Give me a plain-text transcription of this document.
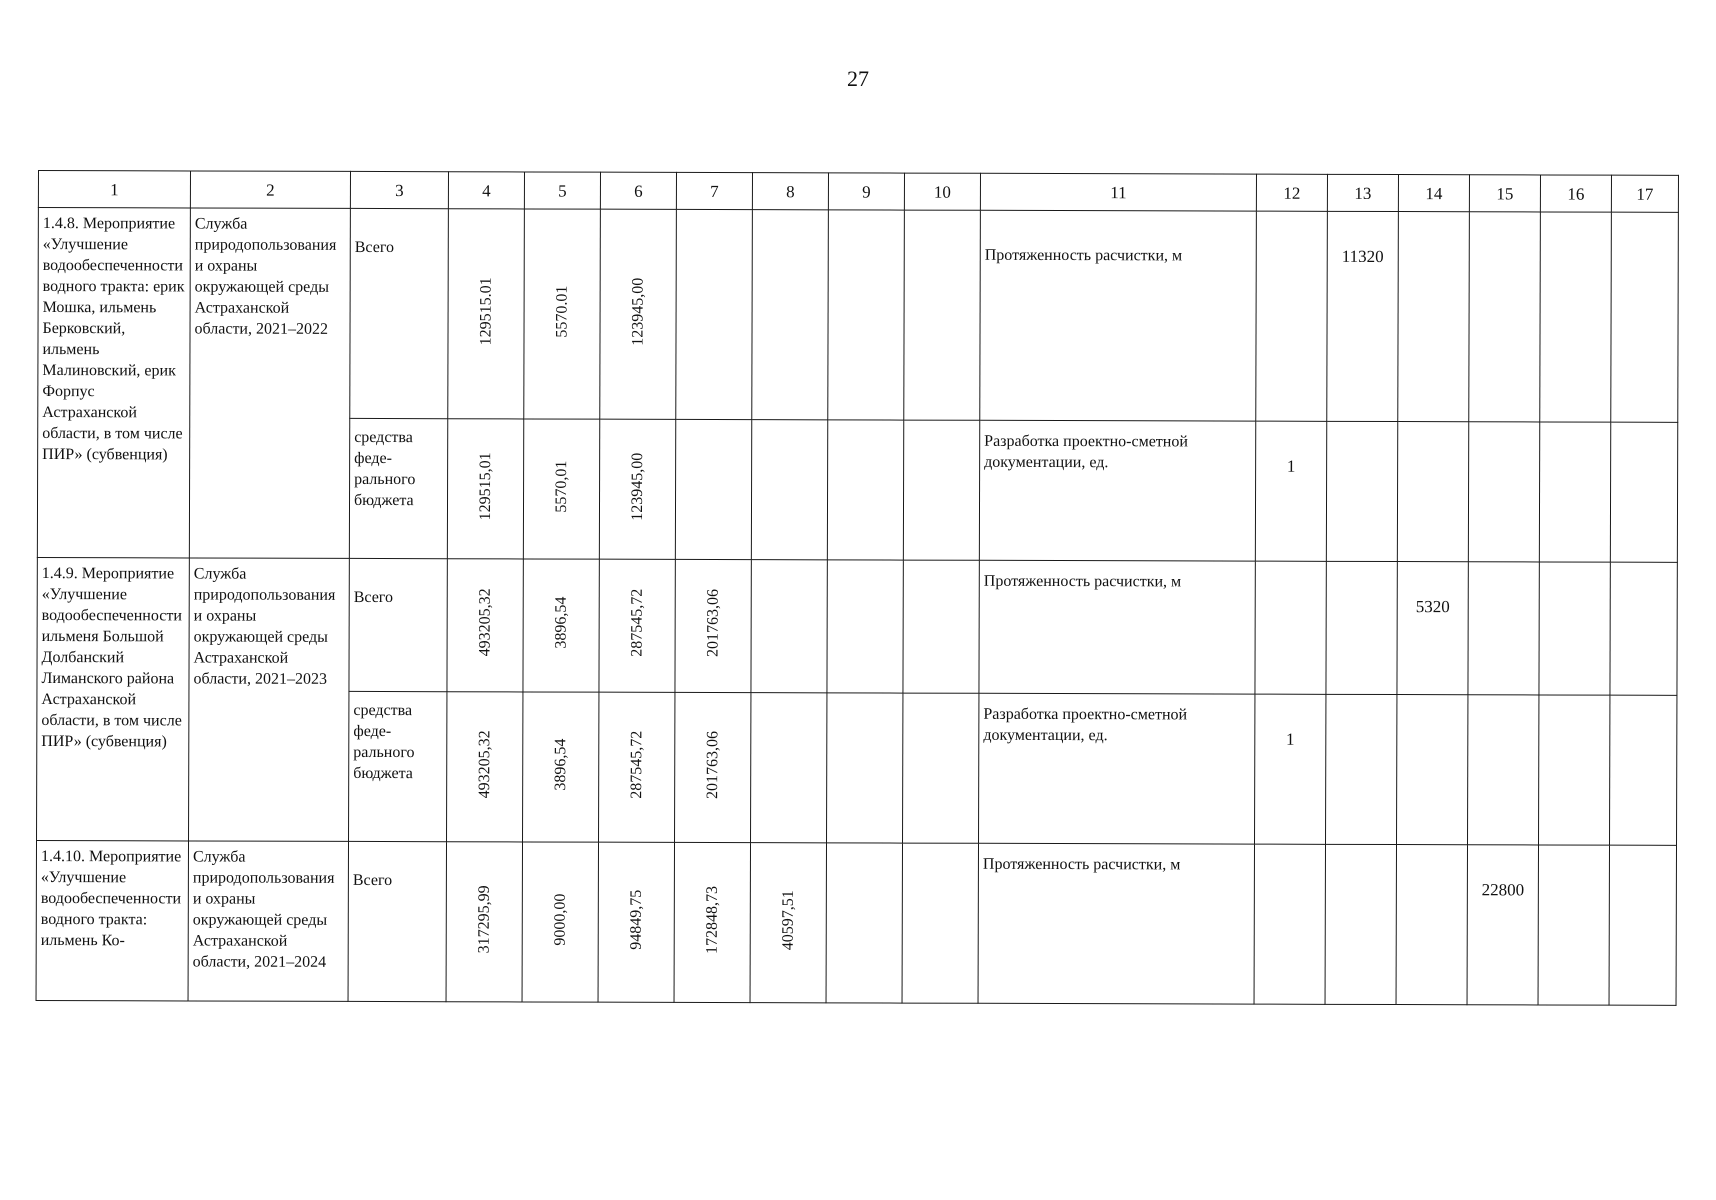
27
1	2	3	4	5	6	7	8	9	10	11	12	13	14	15	16	17
1.4.8. Мероприятие «Улучшение водообеспеченности водного тракта: ерик Мошка, ильмень Берковский, ильмень Малиновский, ерик Форпус Астраханской области, в том числе ПИР» (субвенция)	Служба природопользования и охраны окружающей среды Астраханской области, 2021–2022	Всего	129515.01	5570.01	123945,00					Протяженность расчистки, м		11320				
		средства феде-рального бюджета	129515,01	5570,01	123945,00					Разработка проектно-сметной документации, ед.	1					
1.4.9. Мероприятие «Улучшение водообеспеченности ильменя Большой Долбанский Лиманского района Астраханской области, в том числе ПИР» (субвенция)	Служба природопользования и охраны окружающей среды Астраханской области, 2021–2023	Всего	493205,32	3896,54	287545,72	201763,06				Протяженность расчистки, м			5320			
		средства феде-рального бюджета	493205,32	3896,54	287545,72	201763,06				Разработка проектно-сметной документации, ед.	1					
1.4.10. Мероприятие «Улучшение водообеспеченности водного тракта: ильмень Ко-	Служба природопользования и охраны окружающей среды Астраханской области, 2021–2024	Всего	317295,99	9000,00	94849,75	172848,73	40597,51			Протяженность расчистки, м				22800		
